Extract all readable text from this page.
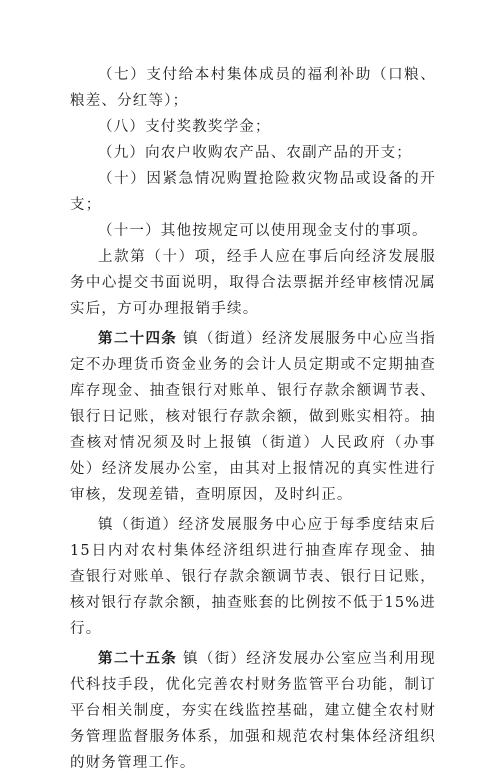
（七）支付给本村集体成员的福利补助（口粮、粮差、分红等）；

（八）支付奖教奖学金；

（九）向农户收购农产品、农副产品的开支；

（十）因紧急情况购置抢险救灾物品或设备的开支；

（十一）其他按规定可以使用现金支付的事项。

上款第（十）项，经手人应在事后向经济发展服务中心提交书面说明，取得合法票据并经审核情况属实后，方可办理报销手续。

第二十四条 镇（街道）经济发展服务中心应当指定不办理货币资金业务的会计人员定期或不定期抽查库存现金、抽查银行对账单、银行存款余额调节表、银行日记账，核对银行存款余额，做到账实相符。抽查核对情况须及时上报镇（街道）人民政府（办事处）经济发展办公室，由其对上报情况的真实性进行审核，发现差错，查明原因，及时纠正。

镇（街道）经济发展服务中心应于每季度结束后15日内对农村集体经济组织进行抽查库存现金、抽查银行对账单、银行存款余额调节表、银行日记账，核对银行存款余额，抽查账套的比例按不低于15%进行。

第二十五条 镇（街）经济发展办公室应当利用现代科技手段，优化完善农村财务监管平台功能，制订平台相关制度，夯实在线监控基础，建立健全农村财务管理监督服务体系，加强和规范农村集体经济组织的财务管理工作。
